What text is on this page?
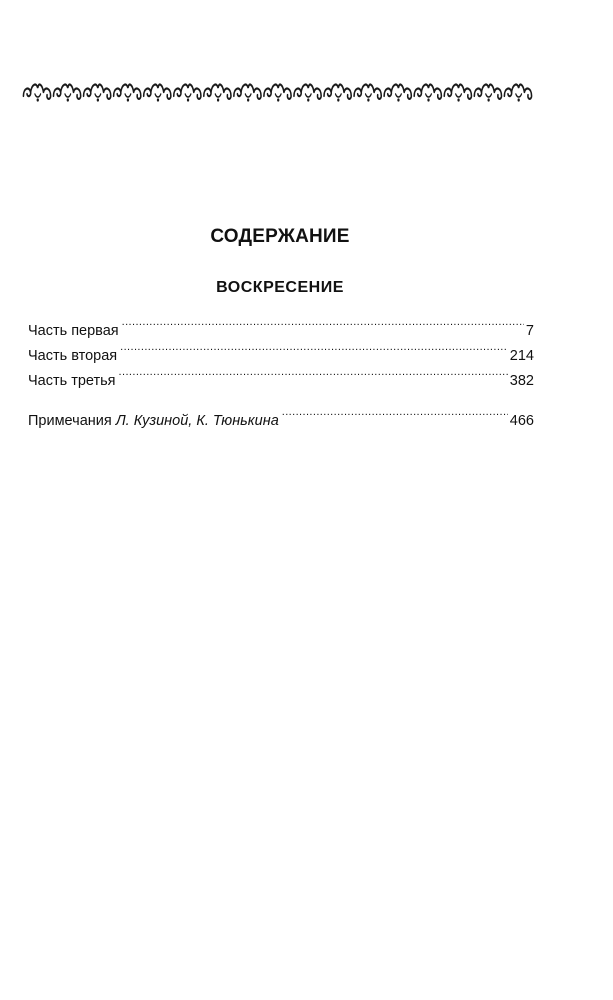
СОДЕРЖАНИЕ
ВОСКРЕСЕНИЕ
Часть первая .....	7
Часть вторая .....	214
Часть третья .....	382
Примечания Л. Кузиной, К. Тюнькина .....	466
